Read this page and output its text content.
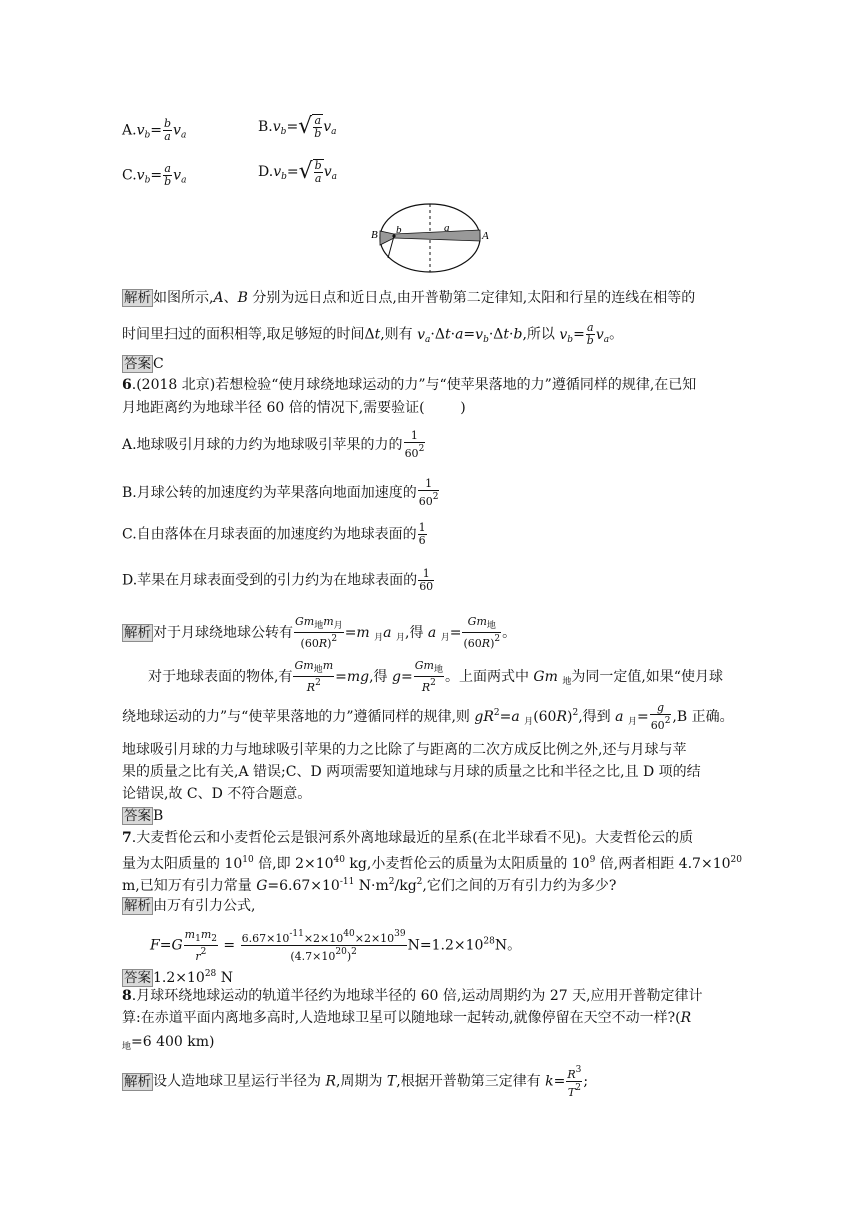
$A.v_b= \frac{b}{a} v_a$
$B.v_b=$ √ $\frac{a}{b} v_a$
$C.v_b= \frac{a}{b} v_a$
$D.v_b=$ √ $\frac{b}{a} v_a$
B b	a
A
解析 如图所示,A、B 分别为远日点和近日点,由开普勒第二定律知,太阳和行星的连线在相等的
时间里扫过的面积相等,取足够短的时间Δt,则有 $v_a\cdot\Delta t\cdot a=v_b\cdot\Delta t\cdot b$,所以 $v_b= \frac{a}{b} v_a$。
答案 C
6.(2018 北京)若想检验“使月球绕地球运动的力”与“使苹果落地的力”遵循同样的规律,在已知
月地距离约为地球半径 60 倍的情况下,需要验证(        )
A.地球吸引月球的力约为地球吸引苹果的力的 $\frac{1}{60^2}$
B.月球公转的加速度约为苹果落向地面加速度的 $\frac{1}{60^2}$
C.自由落体在月球表面的加速度约为地球表面的 $\frac{1}{6}$
D.苹果在月球表面受到的引力约为在地球表面的 $\frac{1}{60}$
解析 对于月球绕地球公转有 $\frac{Gm_地m_月}{(60R)^2} =m$ $_月$a $_月$,得 a $_月= \frac{Gm_地}{(60R)^2}$ 。
对于地球表面的物体,有 $\frac{Gm_地m}{R^2} =mg$,得 $g= \frac{Gm_地}{R^2}$ 。上面两式中 Gm $_地$为同一定值,如果“使月球
绕地球运动的力”与“使苹果落地的力”遵循同样的规律,则 $gR^2=a$ $_月(60R)^2$,得到 a $_月= \frac{g}{60^2} ,B$ 正确。
地球吸引月球的力与地球吸引苹果的力之比除了与距离的二次方成反比例之外,还与月球与苹
果的质量之比有关,A 错误;C、D 两项需要知道地球与月球的质量之比和半径之比,且 D 项的结
论错误,故 C、D 不符合题意。
答案 B
7.大麦哲伦云和小麦哲伦云是银河系外离地球最近的星系(在北半球看不见)。大麦哲伦云的质
量为太阳质量的 $10^{10}$ 倍,即 $2\times 10^{40}$ kg,小麦哲伦云的质量为太阳质量的 $10^9$ 倍,两者相距 $4.7\times 10^{20}$
m,已知万有引力常量 $G=6.67\times 10^{-11}$ $N\cdot m^2/kg^2$,它们之间的万有引力约为多少?
解析 由万有引力公式,
$F=G \frac{m_1m_2}{r^2} = \frac{6.67\times 10^{-11}\times 2\times 10^{40}\times 2\times 10^{39}}{(4.7\times 10^{20})^2} N=1.2\times 10^{28}N$。
答案 $1.2\times 10^{28}$ N
8.月球环绕地球运动的轨道半径约为地球半径的 60 倍,运动周期约为 27 天,应用开普勒定律计
算:在赤道平面内离地多高时,人造地球卫星可以随地球一起转动,就像停留在天空不动一样?(R
$_地$=6 400 km)
解析 设人造地球卫星运行半径为 R,周期为 T,根据开普勒第三定律有 $k= \frac{R^3}{T^2}$ ;
